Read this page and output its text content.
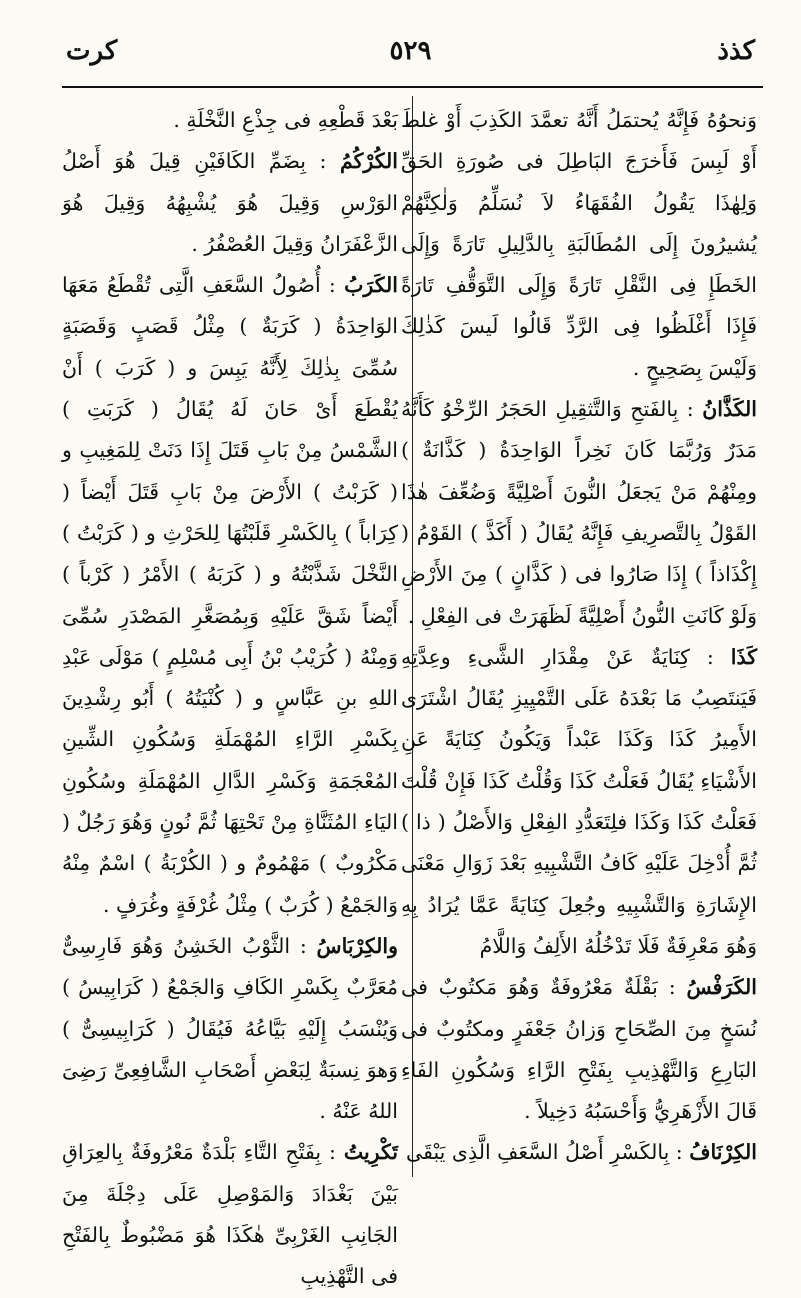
كذذ
٥٢٩
كرت

وَنحوُهُ فَإِنَّهُ يُحتمَلُ أَنَّهُ تعمَّدَ الكَذِبَ أَوْ غلطَ أَوْ لَبِسَ فَأَخرَجَ البَاطِلَ فى صُورَةِ الحَقِّ وَلِهٰذَا يَقُولُ الفُقَهَاءُ لاَ نُسَلِّمُ وَلٰكِنَّهُمْ يُشيرُونَ إِلَى المُطَالَبَةِ بِالدَّلِيلِ تَارَةً وَإِلَى الخَطَإِ فِى النَّقْلِ تَارَةً وَإِلَى التَّوَقُّفِ تَارَةً فَإِذَا أَغْلَظُوا فِى الرَّدِّ قَالُوا لَيسَ كَذٰلِكَ وَلَيْسَ بِصَحِيحٍ .

الكَذَّانُ : بِالفَتحِ وَالتَّثقِيلِ الحَجَرُ الرِّخْوُ كَأَنَّهُ مَدَرٌ وَرُبَّمَا كَانَ نَخِراً الوَاحِدَةُ ( كَذَّانَةٌ ) ومِنْهُمْ مَنْ يَجعَلُ النُّونَ أَصْلِيَّةً وَضُعِّفَ هٰذَا القَوْلُ بِالتَّصرِيفِ فَإِنَّهُ يُقَالُ ( أَكَذَّ ) القَوْمُ ( إِكْذَاذاً ) إِذَا صَارُوا فى ( كَذَّانٍ ) مِنَ الأَرْضِ وَلَوْ كَانَتِ النُّونُ أَصْلِيَّةً لَظَهَرَتْ فى الفِعْلِ .

كَذَا : كِنَايَةٌ عَنْ مِقْدَارِ الشَّىءِ وعِدَّتِهِ فَيَنتَصِبُ مَا بَعْدَهُ عَلَى التَّمْيِيزِ يُقَالُ اشْتَرَى الأَمِيرُ كَذَا وَكَذَا عَبْداً وَيَكُونُ كِنَايَةً عَنِ الأَشْيَاءِ يُقَالُ فَعَلْتُ كَذَا وَقُلْتُ كَذَا فَإِنْ قُلْتَ فَعَلْتُ كَذَا وَكَذَا فلِتَعَدُّدِ الفِعْلِ وَالأَصْلُ ( ذا ) ثُمَّ أُدْخِلَ عَلَيْهِ كَافُ التَّشْبِيهِ بَعْدَ زَوَالِ مَعْنَى الإِشَارَةِ وَالتَّشْبِيهِ وجُعِلَ كِنَايَةً عَمَّا يُرَادُ بِهِ وَهُوَ مَعْرِفَةٌ فَلَا تَدْخُلُهُ الأَلِفُ وَاللَّامُ

الكَرَفْسُ : بَقْلَةٌ مَعْرُوفَةٌ وَهُوَ مَكتُوبٌ فى نُسَخٍ مِنَ الصِّحَاحِ وَزانُ جَعْفَرٍ ومكتُوبٌ فى البَارِعِ وَالتَّهْذِيبِ بِفَتْحِ الرَّاءِ وَسُكُونِ الفَاءِ قَالَ الأَزْهَرِيُّ وَأَحْسَبُهُ دَخِيلاً .

الكِرْنَافُ : بِالكَسْرِ أَصْلُ السَّعَفِ الَّذِى يَبْقَى

بَعْدَ قَطْعِهِ فى جِذْعِ النَّخْلَةِ .

الكُرْكُمُ : بِضَمِّ الكَافَيْنِ قِيلَ هُوَ أَصْلُ الوَرْسِ وَقِيلَ هُوَ يُشْبِهُهُ وَقِيلَ هُوَ الزَّعْفَرَانُ وَقِيلَ العُصْفُرُ .

الكَرَبُ : أُصُولُ السَّعَفِ الَّتِى تُقْطَعُ مَعَهَا الوَاحِدَةُ ( كَرَبَةٌ ) مِثْلُ قَصَبٍ وَقَصَبَةٍ سُمِّىَ بِذٰلِكَ لِأَنَّهُ يَبِسَ و ( كَرَبَ ) أَنْ يُقْطَعَ أَىْ حَانَ لَهُ يُقَالُ ( كَرَبَتِ ) الشَّمْسُ مِنْ بَابِ قَتَلَ إِذَا دَنَتْ لِلمَغِيبِ و ( كَرَبْتُ ) الأَرْضَ مِنْ بَابِ قَتَلَ أَيْضاً ( كِرَاباً ) بِالكَسْرِ قَلَبْتُهَا لِلحَرْثِ و ( كَرَبْتُ ) النَّخْلَ شَذَّبْتُهُ و ( كَرَبَهُ ) الأَمْرُ ( كَرْباً ) أَيْضاً شَقَّ عَلَيْهِ وَبِمُصَغَّرِ المَصْدَرِ سُمِّىَ وَمِنْهُ ( كُرَيْبُ بْنُ أَبِى مُسْلِمٍ ) مَوْلَى عَبْدِ اللهِ بنِ عَبَّاسٍ و ( كُنْيَتُهُ ) أَبُو رِشْدِينَ بِكَسْرِ الرَّاءِ المُهْمَلَةِ وَسُكُونِ الشِّينِ المُعْجَمَةِ وَكَسْرِ الدَّالِ المُهْمَلَةِ وسُكُونِ اليَاءِ المُثَنَّاةِ مِنْ تَحْتِهَا ثُمَّ نُونٍ وَهُوَ رَجُلٌ ( مَكْرُوبٌ ) مَهْمُومٌ و ( الكُرْبَةُ ) اسْمٌ مِنْهُ وَالجَمْعُ ( كُرَبٌ ) مِثْلُ غُرْفَةٍ وغُرَفٍ .

والكِرْبَاسُ : الثَّوْبُ الخَشِنُ وَهُوَ فَارِسِىٌّ مُعَرَّبٌ بِكَسْرِ الكَافِ وَالجَمْعُ ( كَرَابِيسُ ) وَيُنْسَبُ إِلَيْهِ بَيَّاعُهُ فَيُقَالُ ( كَرَابِيسِىٌّ ) وَهوَ نِسبَةٌ لِبَعْضِ أَصْحَابِ الشَّافِعِىِّ رَضِىَ اللهُ عَنْهُ .

تَكْرِيتُ : بِفَتْحِ التَّاءِ بَلْدَةٌ مَعْرُوفَةٌ بِالعِرَاقِ بَيْنَ بَغْدَادَ وَالمَوْصِلِ عَلَى دِجْلَةَ مِنَ الجَانِبِ الغَرْبِىِّ هٰكَذَا هُوَ مَضْبُوطٌ بِالفَتْحِ فى التَّهْذِيبِ
